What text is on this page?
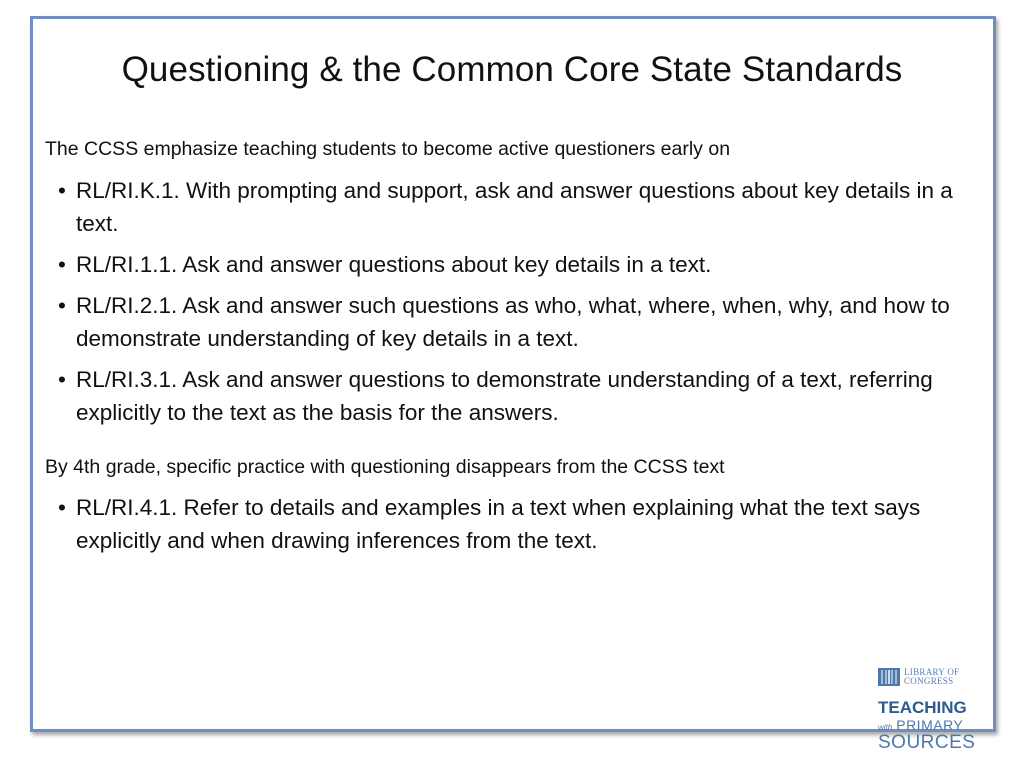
Questioning & the Common Core State Standards
The CCSS emphasize teaching students to become active questioners early on
• RL/RI.K.1. With prompting and support, ask and answer questions about key details in a text.
• RL/RI.1.1. Ask and answer questions about key details in a text.
• RL/RI.2.1. Ask and answer such questions as who, what, where, when, why, and how to demonstrate understanding of key details in a text.
• RL/RI.3.1. Ask and answer questions to demonstrate understanding of a text, referring explicitly to the text as the basis for the answers.
By 4th grade, specific practice with questioning disappears from the CCSS text
• RL/RI.4.1. Refer to details and examples in a text when explaining what the text says explicitly and when drawing inferences from the text.
LIBRARY OF
CONGRESS
TEACHING
with PRIMARY
SOURCES
